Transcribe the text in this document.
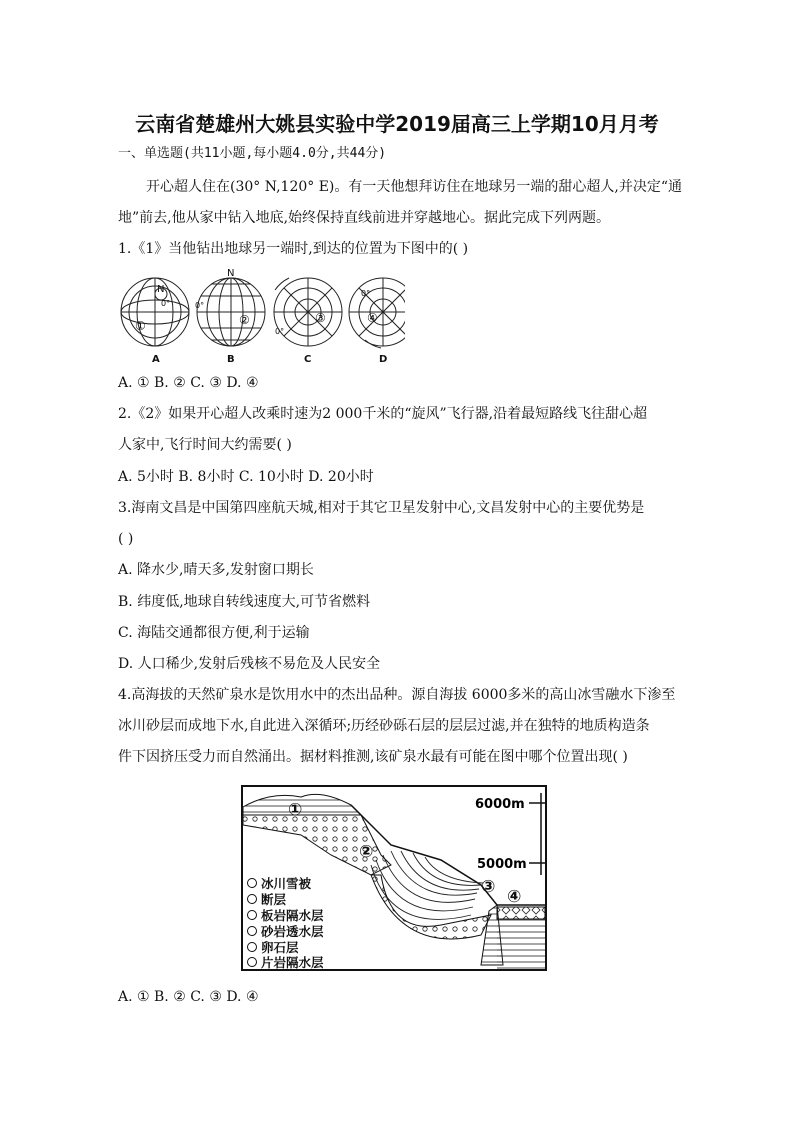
云南省楚雄州大姚县实验中学2019届高三上学期10月月考
一、单选题(共11小题,每小题4.0分,共44分)
开心超人住在(30° N,120° E)。有一天他想拜访住在地球另一端的甜心超人,并决定“通
地”前去,他从家中钻入地底,始终保持直线前进并穿越地心。据此完成下列两题。
1.《1》当他钻出地球另一端时,到达的位置为下图中的( )
N
0°
①
N
0°
②
0°
③
0°
④
A	B	C	D
A. ① B. ② C. ③ D. ④
2.《2》如果开心超人改乘时速为2 000千米的“旋风”飞行器,沿着最短路线飞往甜心超
人家中,飞行时间大约需要( )
A. 5小时 B. 8小时 C. 10小时 D. 20小时
3.海南文昌是中国第四座航天城,相对于其它卫星发射中心,文昌发射中心的主要优势是
( )
A. 降水少,晴天多,发射窗口期长
B. 纬度低,地球自转线速度大,可节省燃料
C. 海陆交通都很方便,利于运输
D. 人口稀少,发射后残核不易危及人民安全
4.高海拔的天然矿泉水是饮用水中的杰出品种。源自海拔 6000多米的高山冰雪融水下渗至
冰川砂层而成地下水,自此进入深循环;历经砂砾石层的层层过滤,并在独特的地质构造条
件下因挤压受力而自然涌出。据材料推测,该矿泉水最有可能在图中哪个位置出现( )
6000m
5000m
①
②
③ ④
冰川雪被
断层
板岩隔水层
砂岩透水层
卵石层
片岩隔水层
A. ① B. ② C. ③ D. ④
